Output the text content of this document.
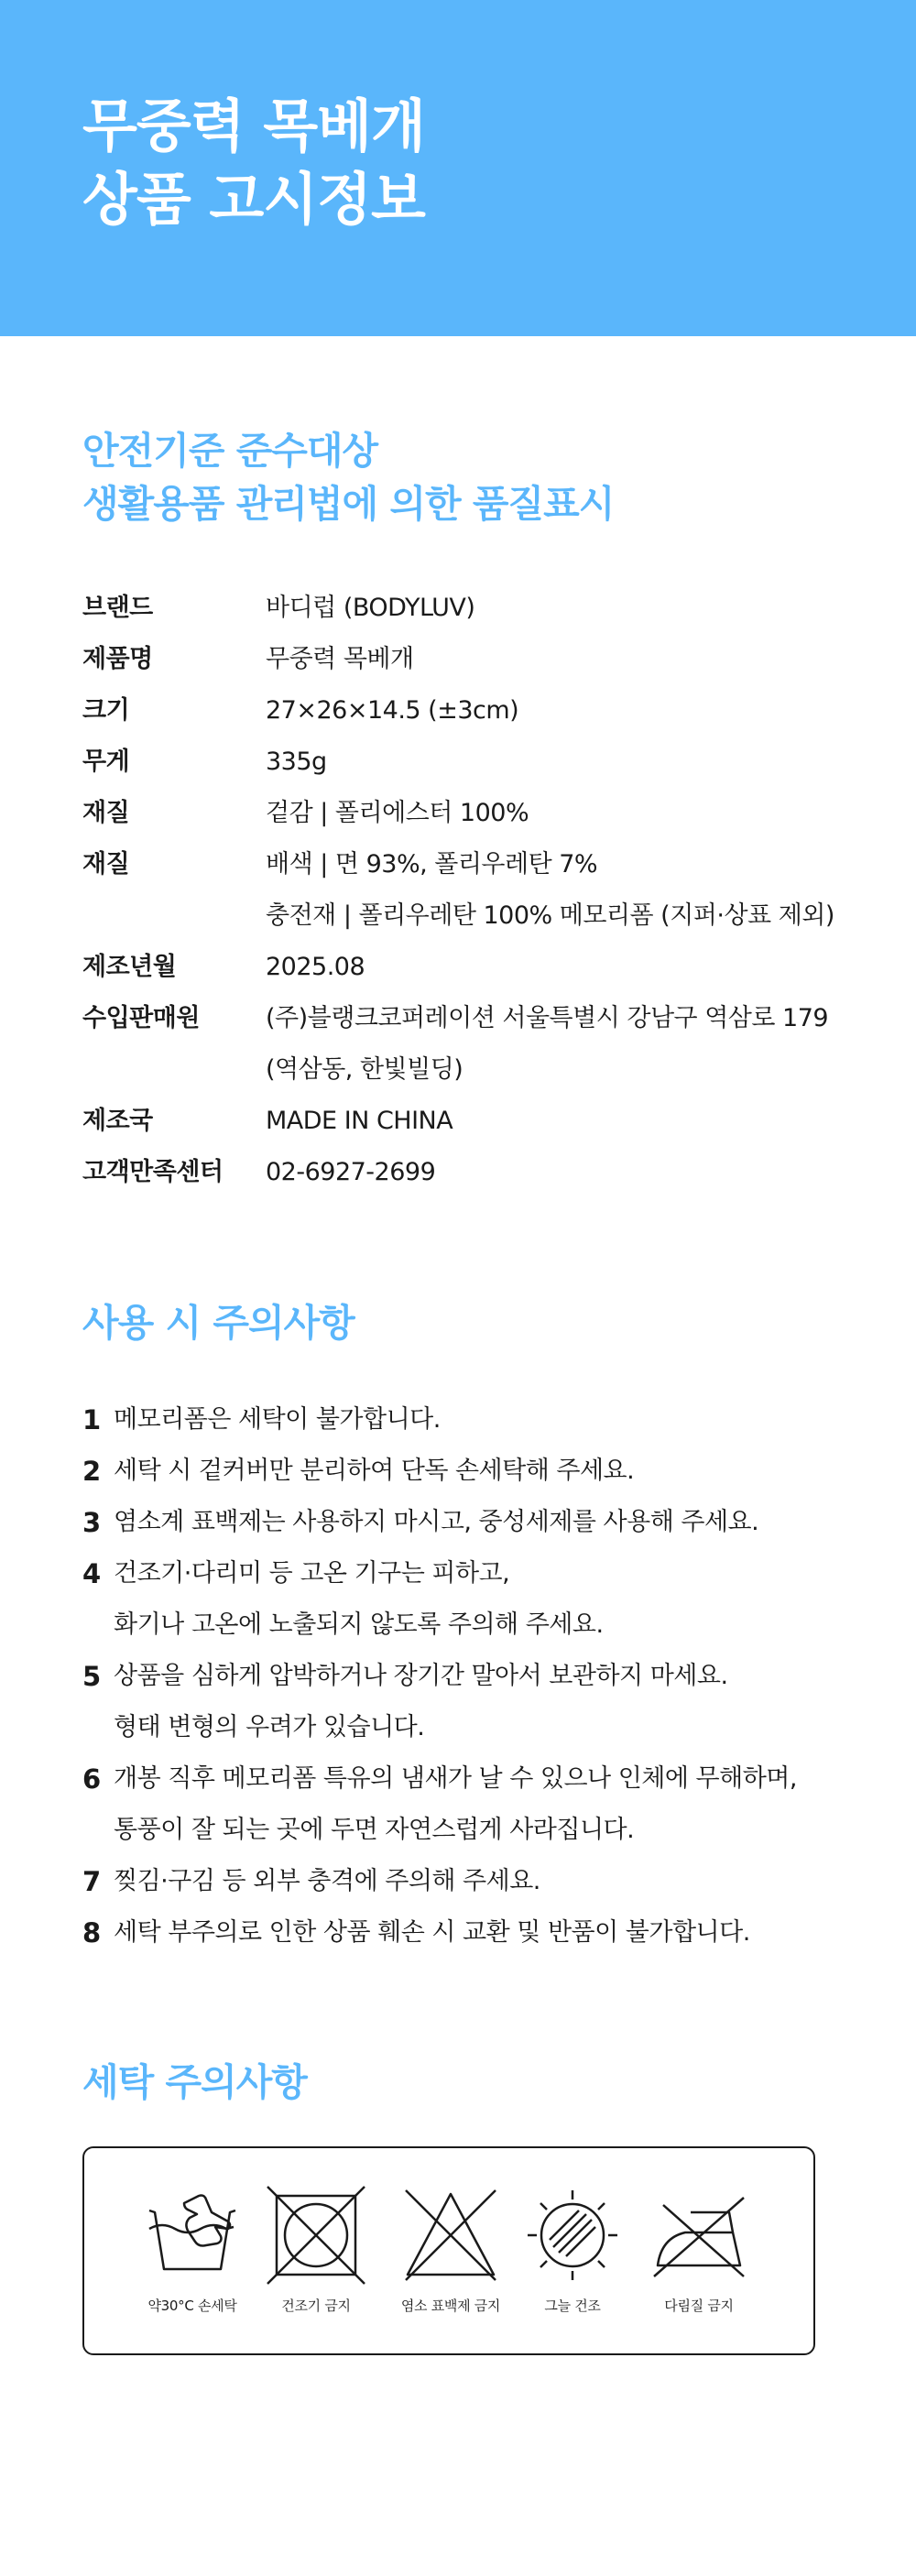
무중력 목베개
상품 고시정보
안전기준 준수대상
생활용품 관리법에 의한 품질표시
브랜드	바디럽 (BODYLUV)
제품명	무중력 목베개
크기	27×26×14.5 (±3cm)
무게	335g
재질	겉감 | 폴리에스터 100%
재질	배색 | 면 93%, 폴리우레탄 7%
충전재 | 폴리우레탄 100% 메모리폼 (지퍼·상표 제외)
제조년월	2025.08
수입판매원	(주)블랭크코퍼레이션 서울특별시 강남구 역삼로 179
(역삼동, 한빛빌딩)
제조국	MADE IN CHINA
고객만족센터	02-6927-2699
사용 시 주의사항
1 메모리폼은 세탁이 불가합니다.
2 세탁 시 겉커버만 분리하여 단독 손세탁해 주세요.
3 염소계 표백제는 사용하지 마시고, 중성세제를 사용해 주세요.
4 건조기·다리미 등 고온 기구는 피하고,
화기나 고온에 노출되지 않도록 주의해 주세요.
5 상품을 심하게 압박하거나 장기간 말아서 보관하지 마세요.
형태 변형의 우려가 있습니다.
6 개봉 직후 메모리폼 특유의 냄새가 날 수 있으나 인체에 무해하며,
통풍이 잘 되는 곳에 두면 자연스럽게 사라집니다.
7 찢김·구김 등 외부 충격에 주의해 주세요.
8 세탁 부주의로 인한 상품 훼손 시 교환 및 반품이 불가합니다.
세탁 주의사항
약30°C 손세탁	건조기 금지	염소 표백제 금지	그늘 건조	다림질 금지
